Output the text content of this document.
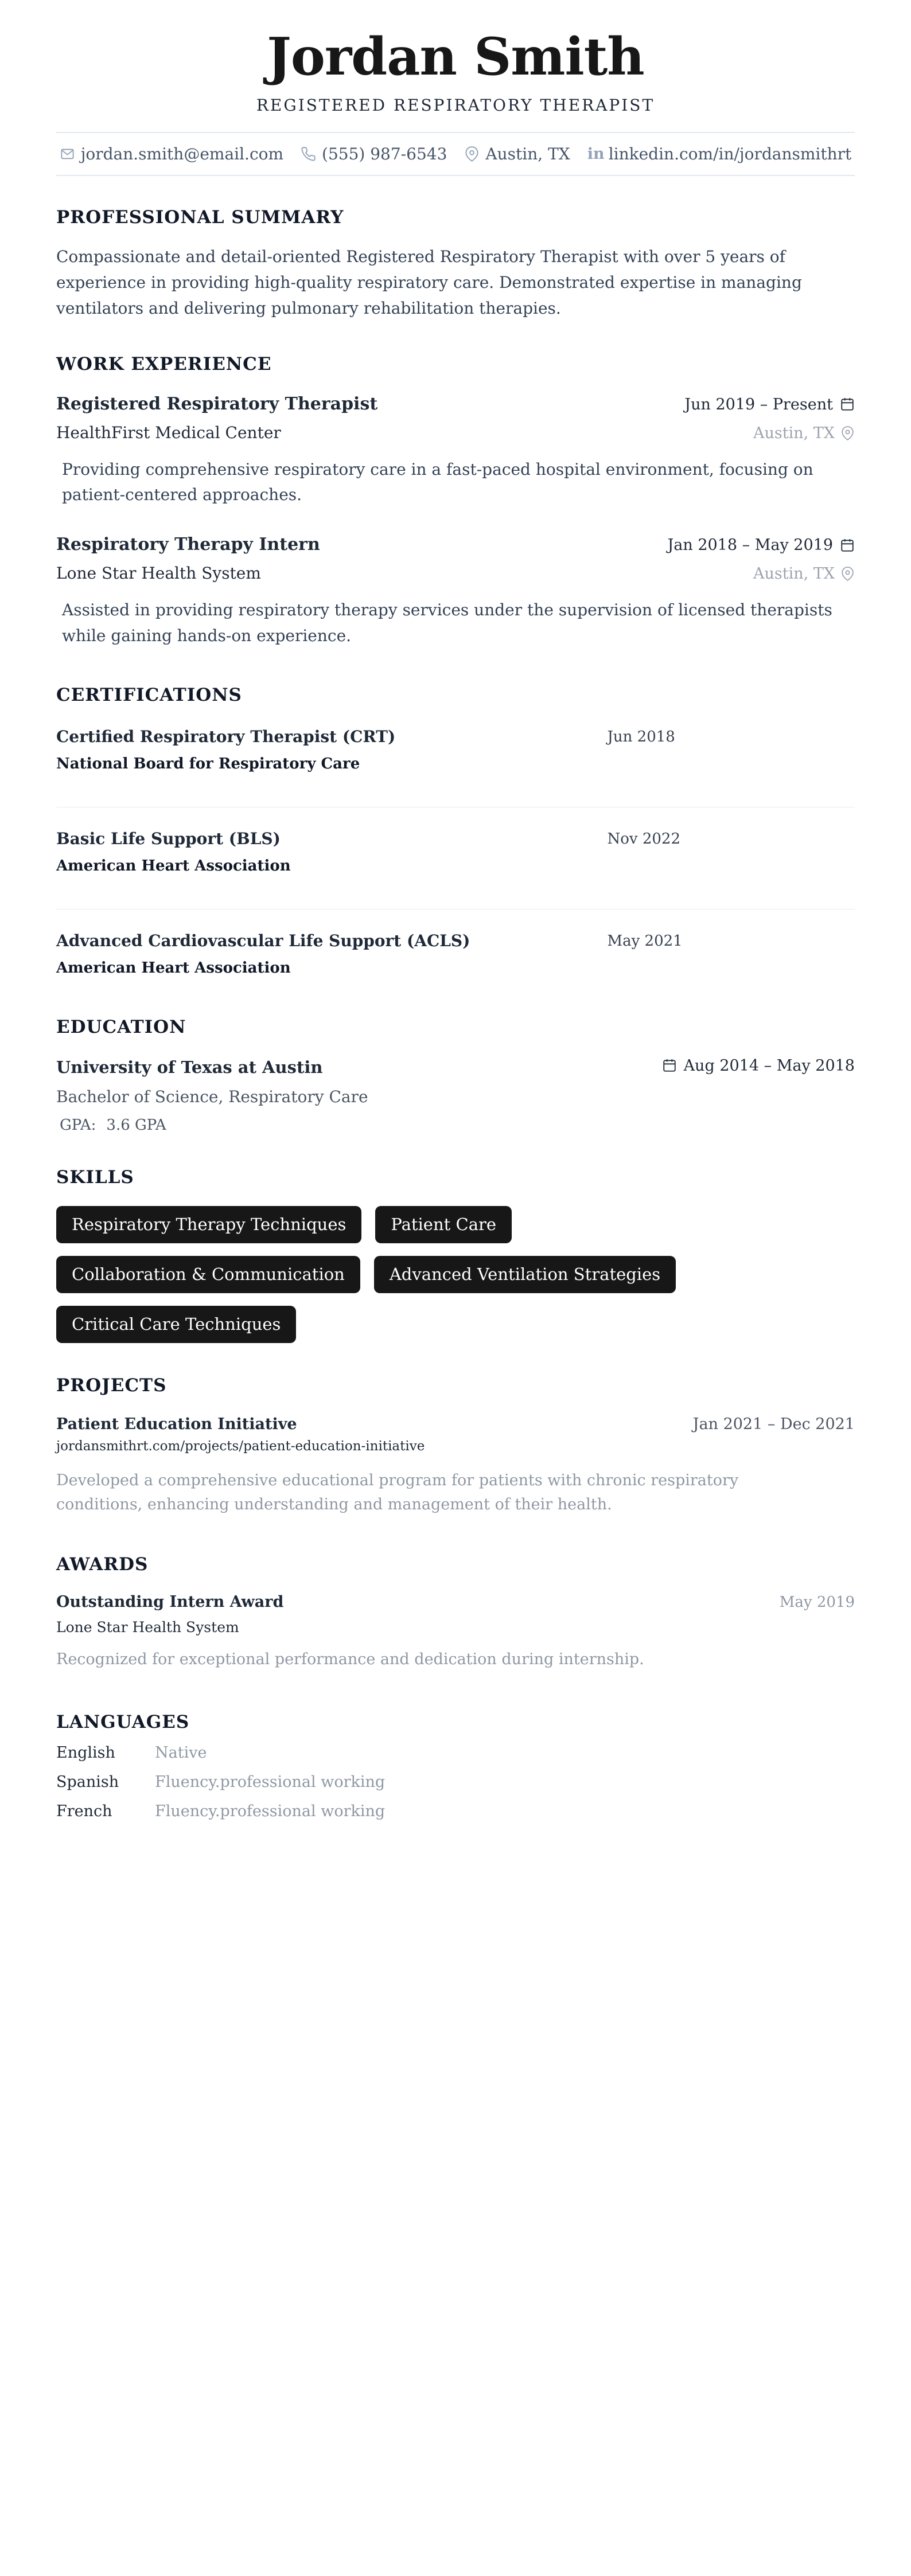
Jordan Smith
REGISTERED RESPIRATORY THERAPIST
jordan.smith@email.com (555) 987-6543 Austin, TX in linkedin.com/in/jordansmithrt
PROFESSIONAL SUMMARY

Compassionate and detail-oriented Registered Respiratory Therapist with over 5 years of experience in providing high-quality respiratory care. Demonstrated expertise in managing ventilators and delivering pulmonary rehabilitation therapies.

WORK EXPERIENCE
Registered Respiratory Therapist	Jun 2019 – Present
HealthFirst Medical Center	Austin, TX

Providing comprehensive respiratory care in a fast-paced hospital environment, focusing on patient-centered approaches.

Respiratory Therapy Intern	Jan 2018 – May 2019
Lone Star Health System	Austin, TX

Assisted in providing respiratory therapy services under the supervision of licensed therapists while gaining hands-on experience.

CERTIFICATIONS
Certified Respiratory Therapist (CRT)	Jun 2018
National Board for Respiratory Care
Basic Life Support (BLS)	Nov 2022
American Heart Association
Advanced Cardiovascular Life Support (ACLS)	May 2021
American Heart Association
EDUCATION
University of Texas at Austin	Aug 2014 – May 2018
Bachelor of Science, Respiratory Care
GPA: 3.6 GPA
SKILLS
Respiratory Therapy Techniques	Patient Care
Collaboration & Communication	Advanced Ventilation Strategies
Critical Care Techniques
PROJECTS
Patient Education Initiative	Jan 2021 – Dec 2021
jordansmithrt.com/projects/patient-education-initiative

Developed a comprehensive educational program for patients with chronic respiratory conditions, enhancing understanding and management of their health.

AWARDS
Outstanding Intern Award	May 2019
Lone Star Health System

Recognized for exceptional performance and dedication during internship.

LANGUAGES
English	Native
Spanish	Fluency.professional working
French	Fluency.professional working
